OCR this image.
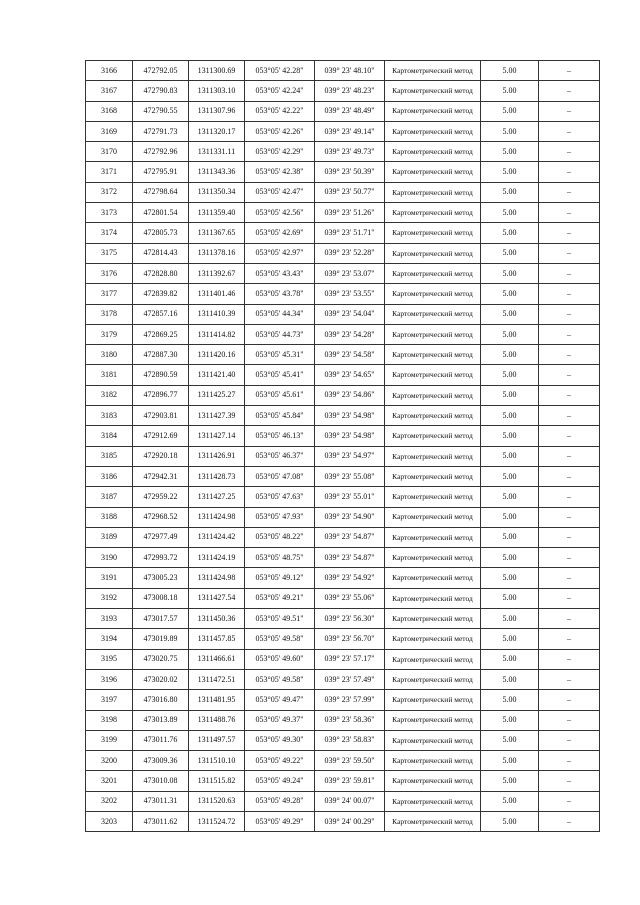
3166	472792.05	1311300.69	053°05' 42.28"	039° 23' 48.10"	Картометрический метод	5.00	–
3167	472790.83	1311303.10	053°05' 42.24"	039° 23' 48.23"	Картометрический метод	5.00	–
3168	472790.55	1311307.96	053°05' 42.22"	039° 23' 48.49"	Картометрический метод	5.00	–
3169	472791.73	1311320.17	053°05' 42.26"	039° 23' 49.14"	Картометрический метод	5.00	–
3170	472792.96	1311331.11	053°05' 42.29"	039° 23' 49.73"	Картометрический метод	5.00	–
3171	472795.91	1311343.36	053°05' 42.38"	039° 23' 50.39"	Картометрический метод	5.00	–
3172	472798.64	1311350.34	053°05' 42.47"	039° 23' 50.77"	Картометрический метод	5.00	–
3173	472801.54	1311359.40	053°05' 42.56"	039° 23' 51.26"	Картометрический метод	5.00	–
3174	472805.73	1311367.65	053°05' 42.69"	039° 23' 51.71"	Картометрический метод	5.00	–
3175	472814.43	1311378.16	053°05' 42.97"	039° 23' 52.28"	Картометрический метод	5.00	–
3176	472828.80	1311392.67	053°05' 43.43"	039° 23' 53.07"	Картометрический метод	5.00	–
3177	472839.82	1311401.46	053°05' 43.78"	039° 23' 53.55"	Картометрический метод	5.00	–
3178	472857.16	1311410.39	053°05' 44.34"	039° 23' 54.04"	Картометрический метод	5.00	–
3179	472869.25	1311414.82	053°05' 44.73"	039° 23' 54.28"	Картометрический метод	5.00	–
3180	472887.30	1311420.16	053°05' 45.31"	039° 23' 54.58"	Картометрический метод	5.00	–
3181	472890.59	1311421.40	053°05' 45.41"	039° 23' 54.65"	Картометрический метод	5.00	–
3182	472896.77	1311425.27	053°05' 45.61"	039° 23' 54.86"	Картометрический метод	5.00	–
3183	472903.81	1311427.39	053°05' 45.84"	039° 23' 54.98"	Картометрический метод	5.00	–
3184	472912.69	1311427.14	053°05' 46.13"	039° 23' 54.98"	Картометрический метод	5.00	–
3185	472920.18	1311426.91	053°05' 46.37"	039° 23' 54.97"	Картометрический метод	5.00	–
3186	472942.31	1311428.73	053°05' 47.08"	039° 23' 55.08"	Картометрический метод	5.00	–
3187	472959.22	1311427.25	053°05' 47.63"	039° 23' 55.01"	Картометрический метод	5.00	–
3188	472968.52	1311424.98	053°05' 47.93"	039° 23' 54.90"	Картометрический метод	5.00	–
3189	472977.49	1311424.42	053°05' 48.22"	039° 23' 54.87"	Картометрический метод	5.00	–
3190	472993.72	1311424.19	053°05' 48.75"	039° 23' 54.87"	Картометрический метод	5.00	–
3191	473005.23	1311424.98	053°05' 49.12"	039° 23' 54.92"	Картометрический метод	5.00	–
3192	473008.18	1311427.54	053°05' 49.21"	039° 23' 55.06"	Картометрический метод	5.00	–
3193	473017.57	1311450.36	053°05' 49.51"	039° 23' 56.30"	Картометрический метод	5.00	–
3194	473019.89	1311457.85	053°05' 49.58"	039° 23' 56.70"	Картометрический метод	5.00	–
3195	473020.75	1311466.61	053°05' 49.60"	039° 23' 57.17"	Картометрический метод	5.00	–
3196	473020.02	1311472.51	053°05' 49.58"	039° 23' 57.49"	Картометрический метод	5.00	–
3197	473016.80	1311481.95	053°05' 49.47"	039° 23' 57.99"	Картометрический метод	5.00	–
3198	473013.89	1311488.76	053°05' 49.37"	039° 23' 58.36"	Картометрический метод	5.00	–
3199	473011.76	1311497.57	053°05' 49.30"	039° 23' 58.83"	Картометрический метод	5.00	–
3200	473009.36	1311510.10	053°05' 49.22"	039° 23' 59.50"	Картометрический метод	5.00	–
3201	473010.08	1311515.82	053°05' 49.24"	039° 23' 59.81"	Картометрический метод	5.00	–
3202	473011.31	1311520.63	053°05' 49.28"	039° 24' 00.07"	Картометрический метод	5.00	–
3203	473011.62	1311524.72	053°05' 49.29"	039° 24' 00.29"	Картометрический метод	5.00	–
